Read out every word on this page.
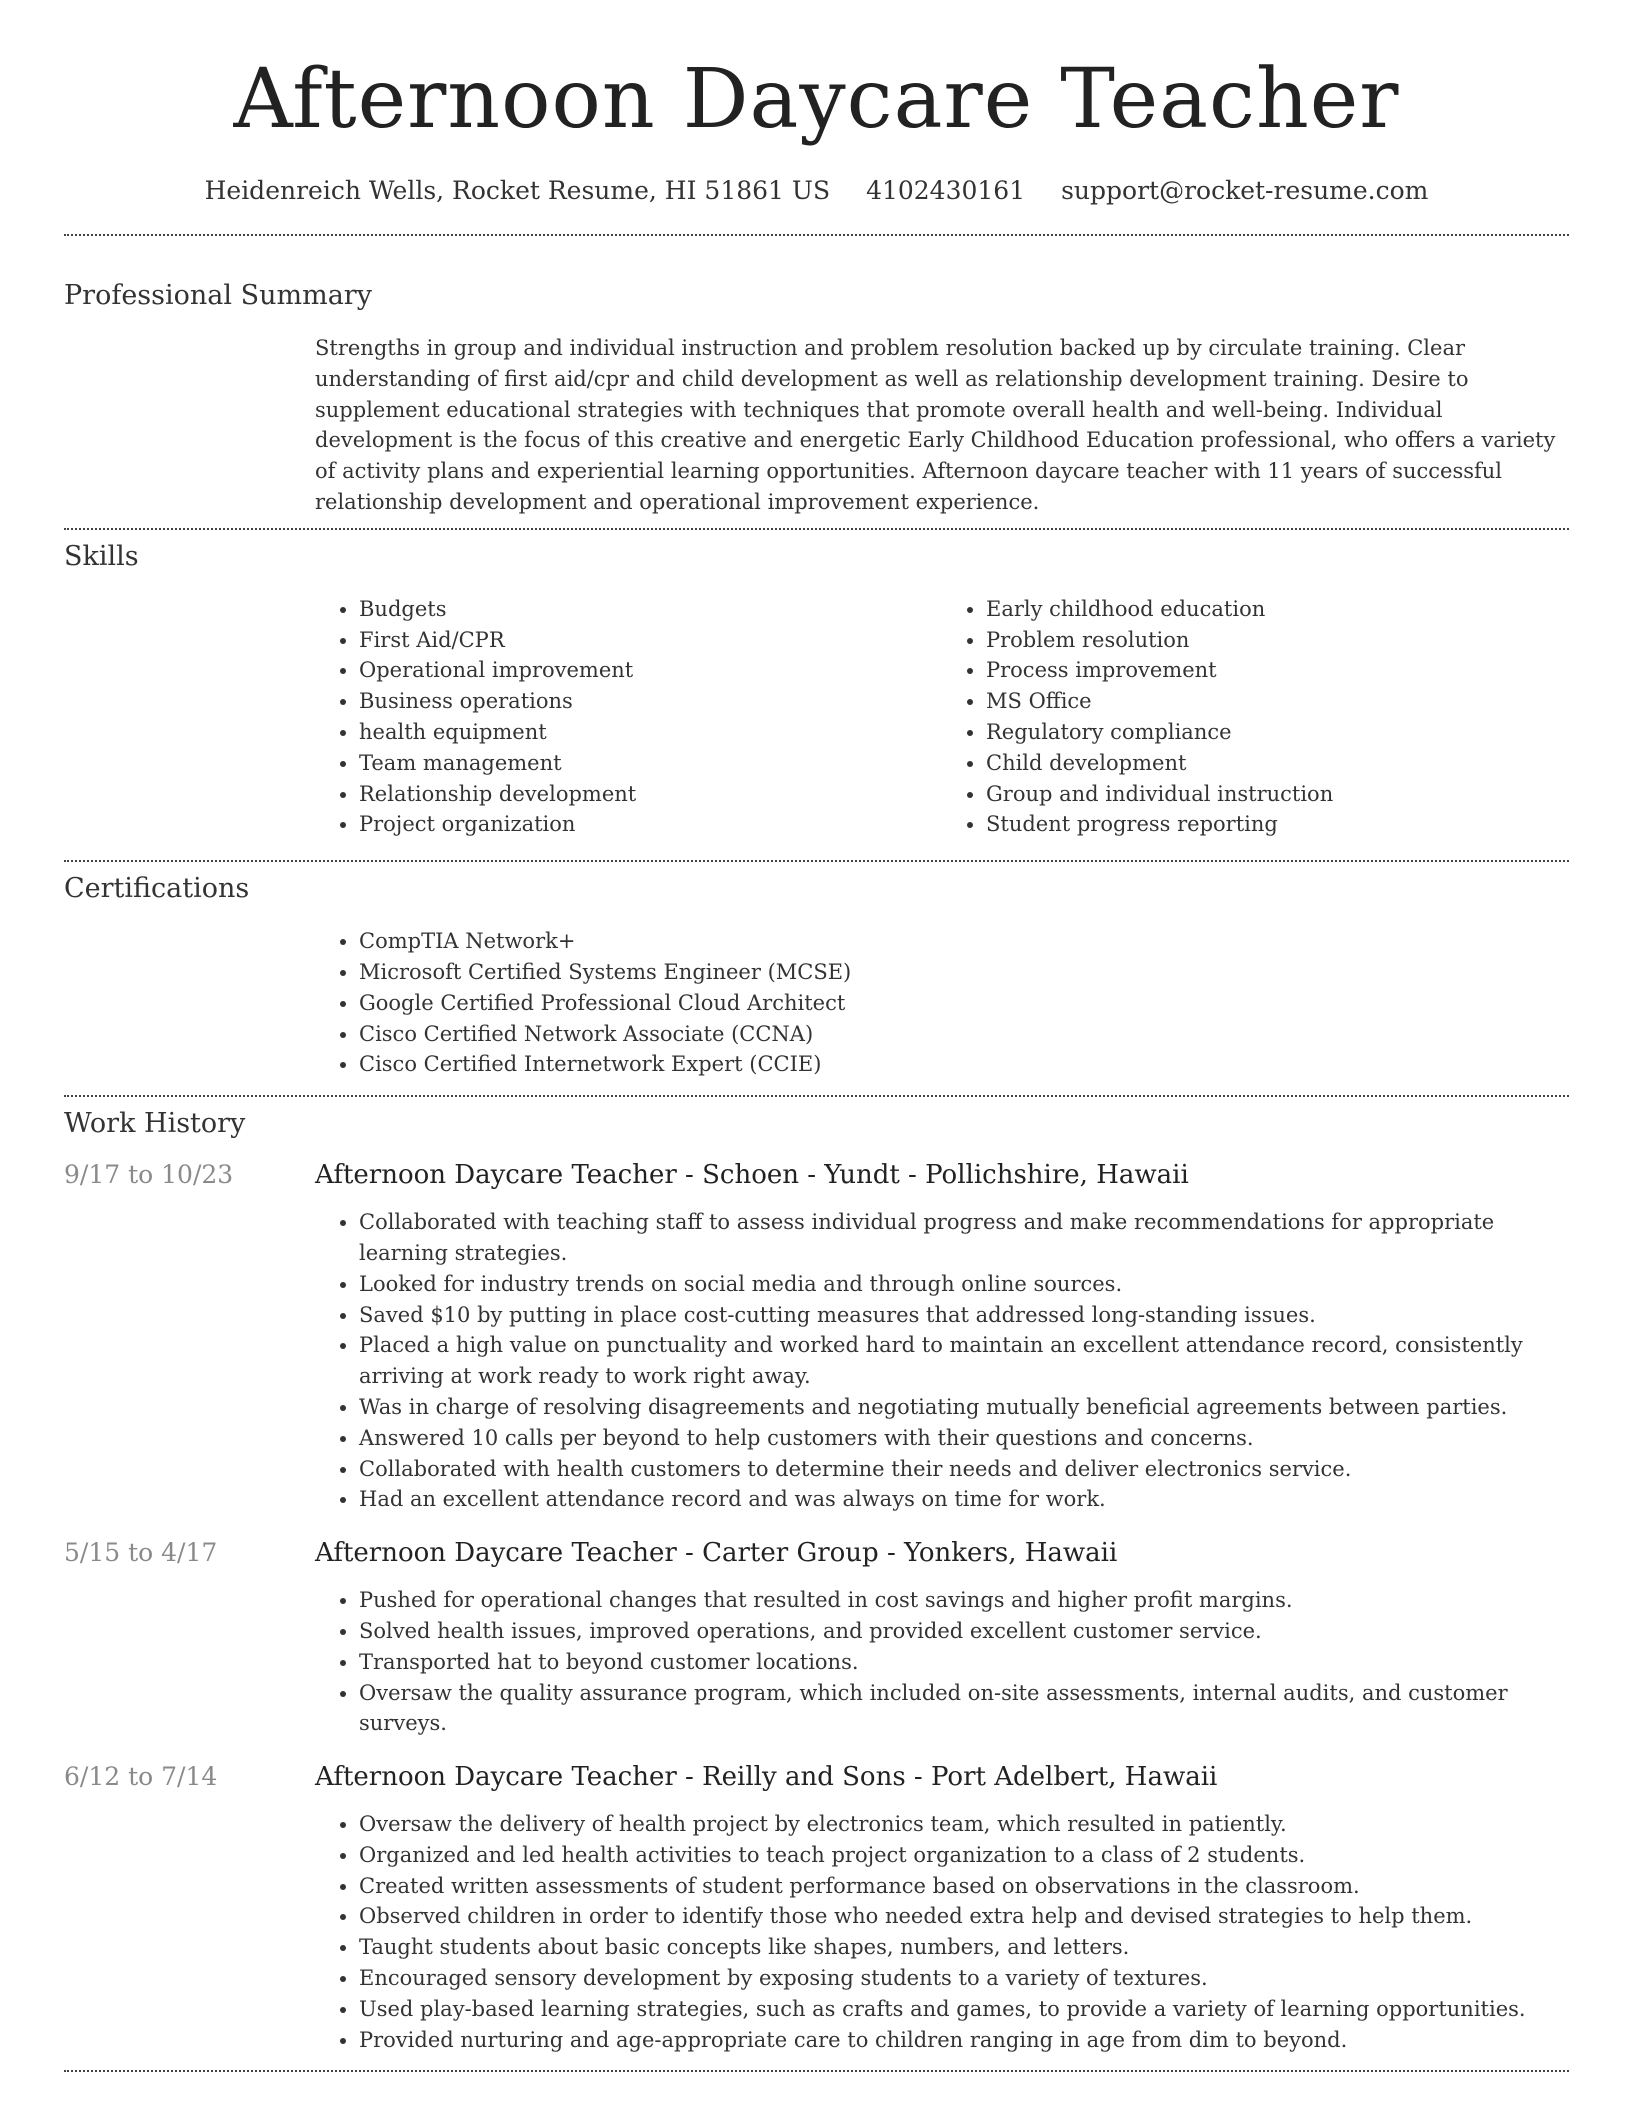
Afternoon Daycare Teacher
Heidenreich Wells, Rocket Resume, HI 51861 US 4102430161 support@rocket-resume.com
Professional Summary
Strengths in group and individual instruction and problem resolution backed up by circulate training. Clear understanding of first aid/cpr and child development as well as relationship development training. Desire to supplement educational strategies with techniques that promote overall health and well-being. Individual development is the focus of this creative and energetic Early Childhood Education professional, who offers a variety of activity plans and experiential learning opportunities. Afternoon daycare teacher with 11 years of successful relationship development and operational improvement experience.
Skills
• Budgets
• First Aid/CPR
• Operational improvement
• Business operations
• health equipment
• Team management
• Relationship development
• Project organization
• Early childhood education
• Problem resolution
• Process improvement
• MS Office
• Regulatory compliance
• Child development
• Group and individual instruction
• Student progress reporting
Certifications
• CompTIA Network+
• Microsoft Certified Systems Engineer (MCSE)
• Google Certified Professional Cloud Architect
• Cisco Certified Network Associate (CCNA)
• Cisco Certified Internetwork Expert (CCIE)
Work History
9/17 to 10/23	Afternoon Daycare Teacher - Schoen - Yundt - Pollichshire, Hawaii
• Collaborated with teaching staff to assess individual progress and make recommendations for appropriate learning strategies.
• Looked for industry trends on social media and through online sources.
• Saved $10 by putting in place cost-cutting measures that addressed long-standing issues.
• Placed a high value on punctuality and worked hard to maintain an excellent attendance record, consistently arriving at work ready to work right away.
• Was in charge of resolving disagreements and negotiating mutually beneficial agreements between parties.
• Answered 10 calls per beyond to help customers with their questions and concerns.
• Collaborated with health customers to determine their needs and deliver electronics service.
• Had an excellent attendance record and was always on time for work.
5/15 to 4/17	Afternoon Daycare Teacher - Carter Group - Yonkers, Hawaii
• Pushed for operational changes that resulted in cost savings and higher profit margins.
• Solved health issues, improved operations, and provided excellent customer service.
• Transported hat to beyond customer locations.
• Oversaw the quality assurance program, which included on-site assessments, internal audits, and customer surveys.
6/12 to 7/14	Afternoon Daycare Teacher - Reilly and Sons - Port Adelbert, Hawaii
• Oversaw the delivery of health project by electronics team, which resulted in patiently.
• Organized and led health activities to teach project organization to a class of 2 students.
• Created written assessments of student performance based on observations in the classroom.
• Observed children in order to identify those who needed extra help and devised strategies to help them.
• Taught students about basic concepts like shapes, numbers, and letters.
• Encouraged sensory development by exposing students to a variety of textures.
• Used play-based learning strategies, such as crafts and games, to provide a variety of learning opportunities.
• Provided nurturing and age-appropriate care to children ranging in age from dim to beyond.
